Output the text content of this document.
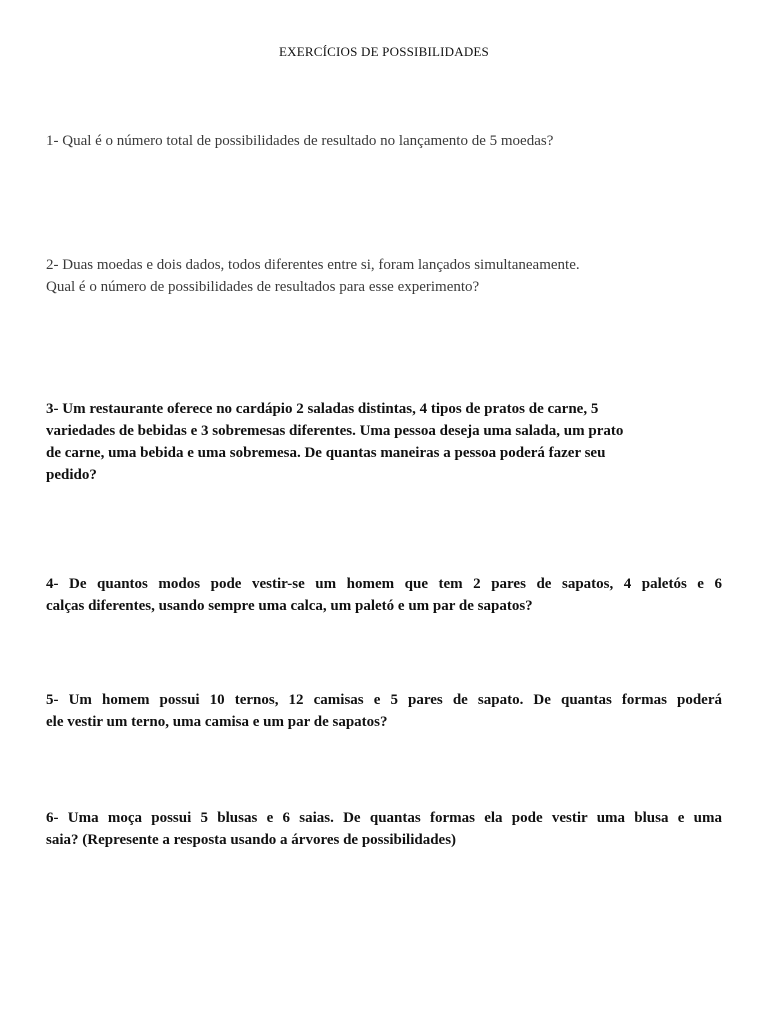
EXERCÍCIOS DE POSSIBILIDADES
1- Qual é o número total de possibilidades de resultado no lançamento de 5 moedas?
2- Duas moedas e dois dados, todos diferentes entre si, foram lançados simultaneamente.
Qual é o número de possibilidades de resultados para esse experimento?
3- Um restaurante oferece no cardápio 2 saladas distintas, 4 tipos de pratos de carne, 5
variedades de bebidas e 3 sobremesas diferentes. Uma pessoa deseja uma salada, um prato
de carne, uma bebida e uma sobremesa. De quantas maneiras a pessoa poderá fazer seu
pedido?
4- De quantos modos pode vestir-se um homem que tem 2 pares de sapatos, 4 paletós e 6
calças diferentes, usando sempre uma calca, um paletó e um par de sapatos?
5- Um homem possui 10 ternos, 12 camisas e 5 pares de sapato. De quantas formas poderá
ele vestir um terno, uma camisa e um par de sapatos?
6- Uma moça possui 5 blusas e 6 saias. De quantas formas ela pode vestir uma blusa e uma
saia? (Represente a resposta usando a árvores de possibilidades)
